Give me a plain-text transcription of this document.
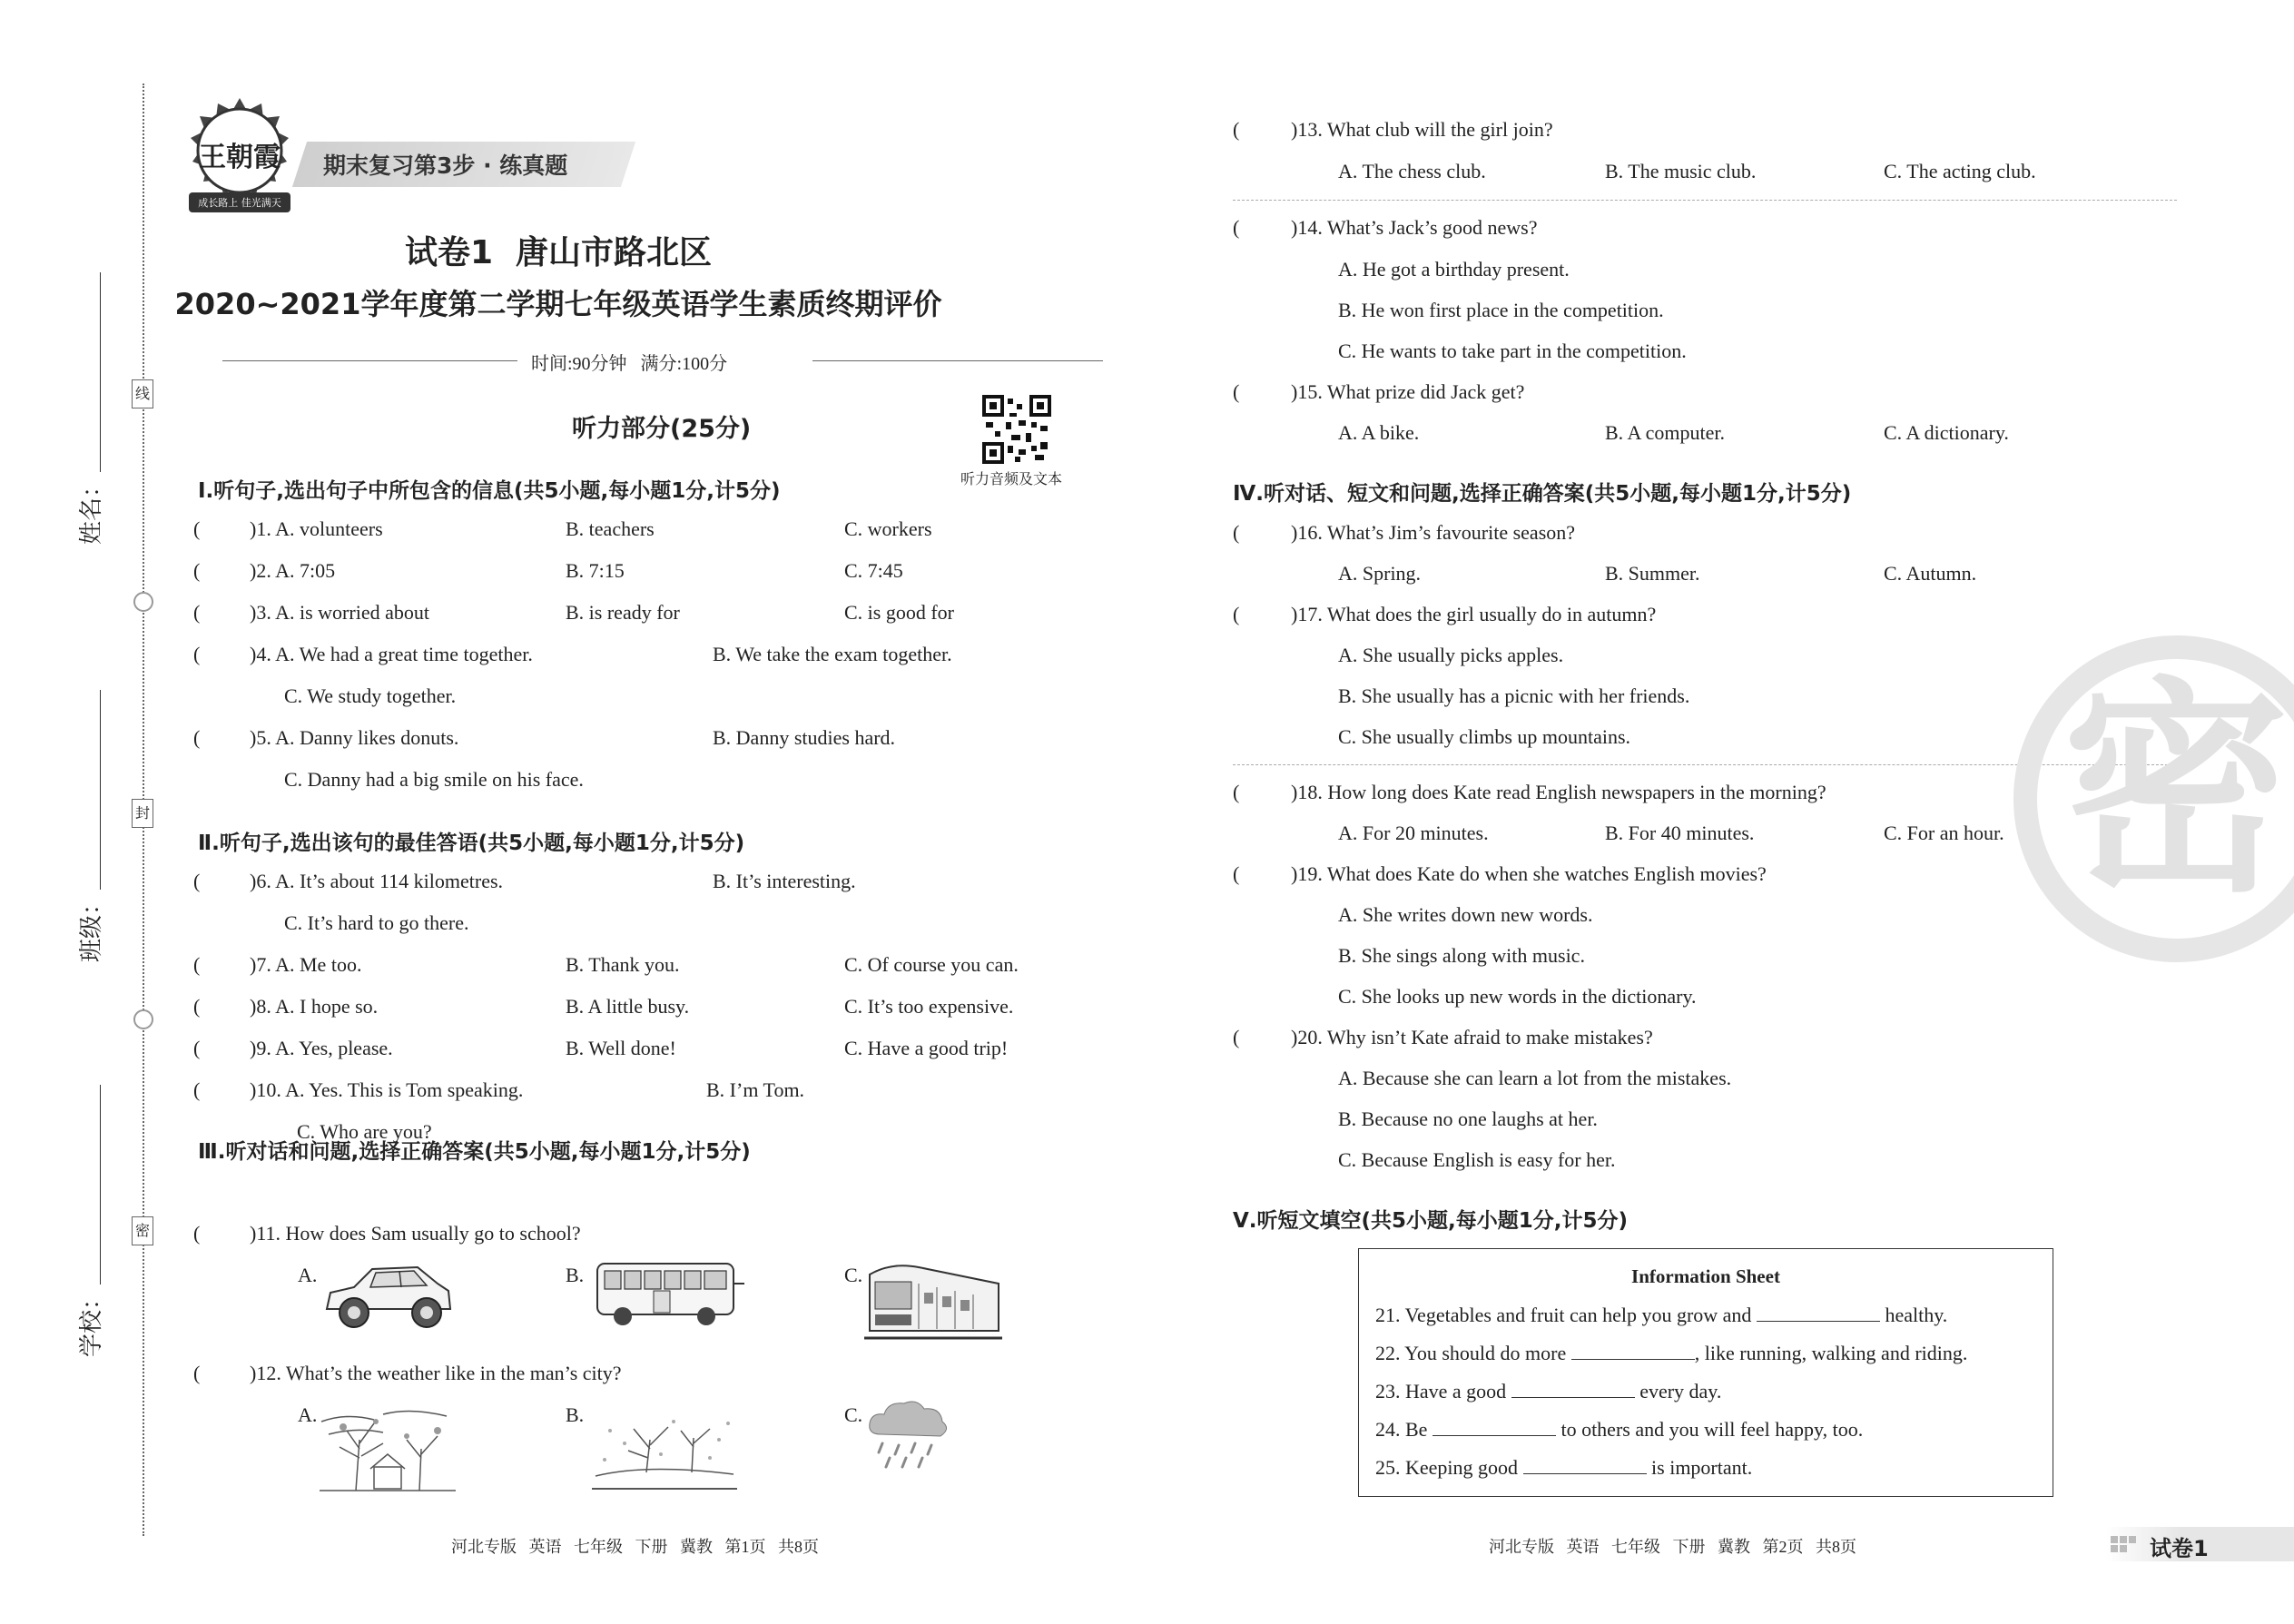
线
封
密
姓名：
班级：
学校：
王朝霞
成长路上 佳光满天
期末复习第3步 · 练真题
试卷1  唐山市路北区
2020~2021学年度第二学期七年级英语学生素质终期评价
时间:90分钟   满分:100分
听力部分(25分)
听力音频及文本
Ⅰ.听句子,选出句子中所包含的信息(共5小题,每小题1分,计5分)
( )1. A. volunteers	B. teachers	C. workers
( )2. A. 7:05	B. 7:15	C. 7:45
( )3. A. is worried about	B. is ready for	C. is good for
( )4. A. We had a great time together.	B. We take the exam together.
C. We study together.
( )5. A. Danny likes donuts.	B. Danny studies hard.
C. Danny had a big smile on his face.
Ⅱ.听句子,选出该句的最佳答语(共5小题,每小题1分,计5分)
( )6. A. It’s about 114 kilometres.	B. It’s interesting.
C. It’s hard to go there.
( )7. A. Me too.	B. Thank you.	C. Of course you can.
( )8. A. I hope so.	B. A little busy.	C. It’s too expensive.
( )9. A. Yes, please.	B. Well done!	C. Have a good trip!
( )10. A. Yes. This is Tom speaking.	B. I’m Tom.
C. Who are you?
Ⅲ.听对话和问题,选择正确答案(共5小题,每小题1分,计5分)
( )11. How does Sam usually go to school?
A.	B.	C.
( )12. What’s the weather like in the man’s city?
A.	B.	C.
(	)13. What club will the girl join?
A. The chess club.	B. The music club.	C. The acting club.
(	)14. What’s Jack’s good news?
A. He got a birthday present.
B. He won first place in the competition.
C. He wants to take part in the competition.
(	)15. What prize did Jack get?
A. A bike.	B. A computer.	C. A dictionary.
Ⅳ.听对话、短文和问题,选择正确答案(共5小题,每小题1分,计5分)
(	)16. What’s Jim’s favourite season?
A. Spring.	B. Summer.	C. Autumn.
(	)17. What does the girl usually do in autumn?
A. She usually picks apples.
B. She usually has a picnic with her friends.
C. She usually climbs up mountains.
(	)18. How long does Kate read English newspapers in the morning?
A. For 20 minutes.	B. For 40 minutes.	C. For an hour.
(	)19. What does Kate do when she watches English movies?
A. She writes down new words.
B. She sings along with music.
C. She looks up new words in the dictionary.
(	)20. Why isn’t Kate afraid to make mistakes?
A. Because she can learn a lot from the mistakes.
B. Because no one laughs at her.
C. Because English is easy for her.
Ⅴ.听短文填空(共5小题,每小题1分,计5分)
Information Sheet
21. Vegetables and fruit can help you grow and	healthy.
22. You should do more	, like running, walking and riding.
23. Have a good	every day.
24. Be	to others and you will feel happy, too.
25. Keeping good	is important.
密
河北专版   英语   七年级   下册   冀教   第1页   共8页	河北专版   英语   七年级   下册   冀教   第2页   共8页	试卷1
